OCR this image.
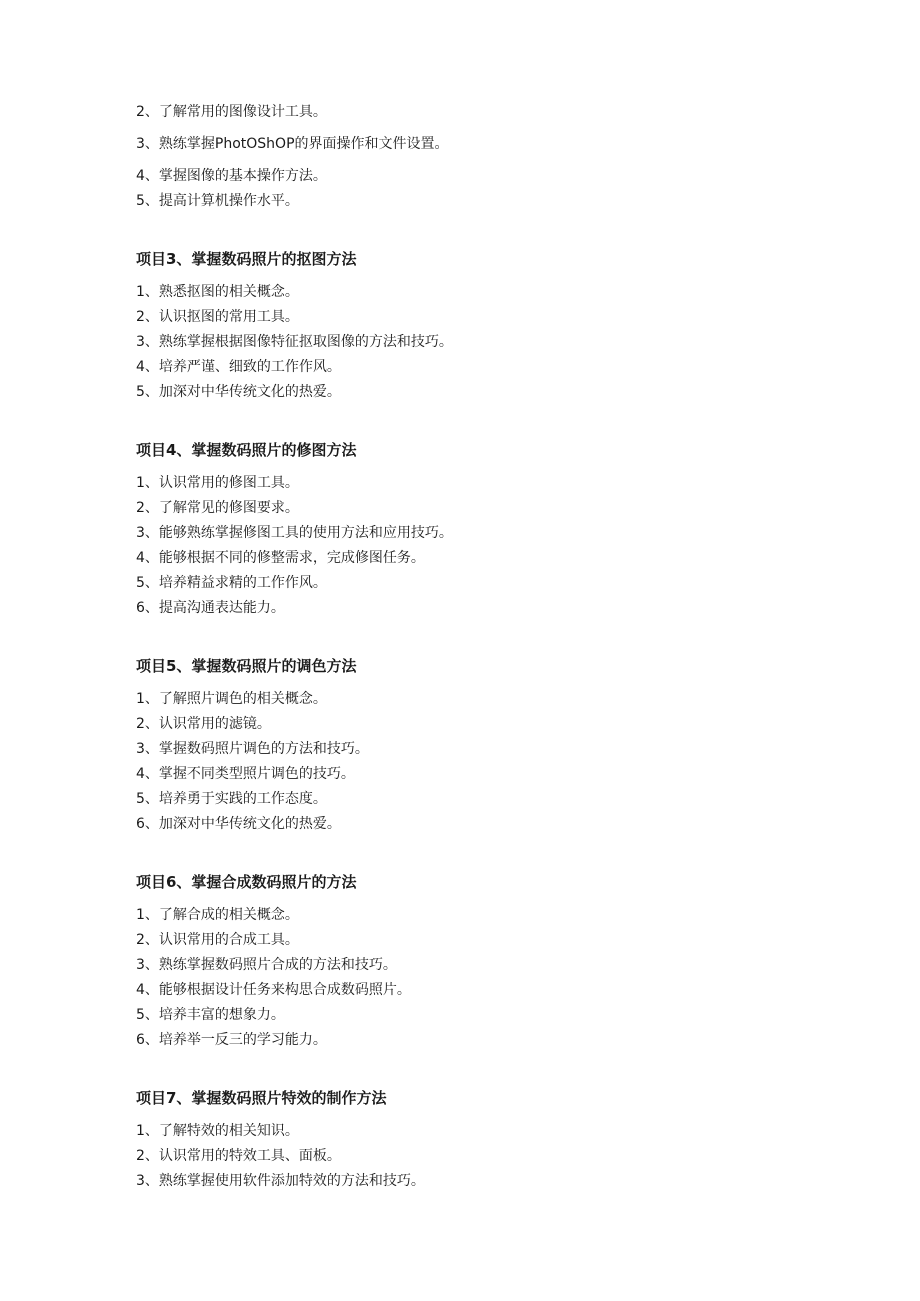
2、了解常用的图像设计工具。
3、熟练掌握PhotOShOP的界面操作和文件设置。
4、掌握图像的基本操作方法。
5、提高计算机操作水平。
项目3、掌握数码照片的抠图方法
1、熟悉抠图的相关概念。
2、认识抠图的常用工具。
3、熟练掌握根据图像特征抠取图像的方法和技巧。
4、培养严谨、细致的工作作风。
5、加深对中华传统文化的热爱。
项目4、掌握数码照片的修图方法
1、认识常用的修图工具。
2、了解常见的修图要求。
3、能够熟练掌握修图工具的使用方法和应用技巧。
4、能够根据不同的修整需求，完成修图任务。
5、培养精益求精的工作作风。
6、提高沟通表达能力。
项目5、掌握数码照片的调色方法
1、了解照片调色的相关概念。
2、认识常用的滤镜。
3、掌握数码照片调色的方法和技巧。
4、掌握不同类型照片调色的技巧。
5、培养勇于实践的工作态度。
6、加深对中华传统文化的热爱。
项目6、掌握合成数码照片的方法
1、了解合成的相关概念。
2、认识常用的合成工具。
3、熟练掌握数码照片合成的方法和技巧。
4、能够根据设计任务来构思合成数码照片。
5、培养丰富的想象力。
6、培养举一反三的学习能力。
项目7、掌握数码照片特效的制作方法
1、了解特效的相关知识。
2、认识常用的特效工具、面板。
3、熟练掌握使用软件添加特效的方法和技巧。
